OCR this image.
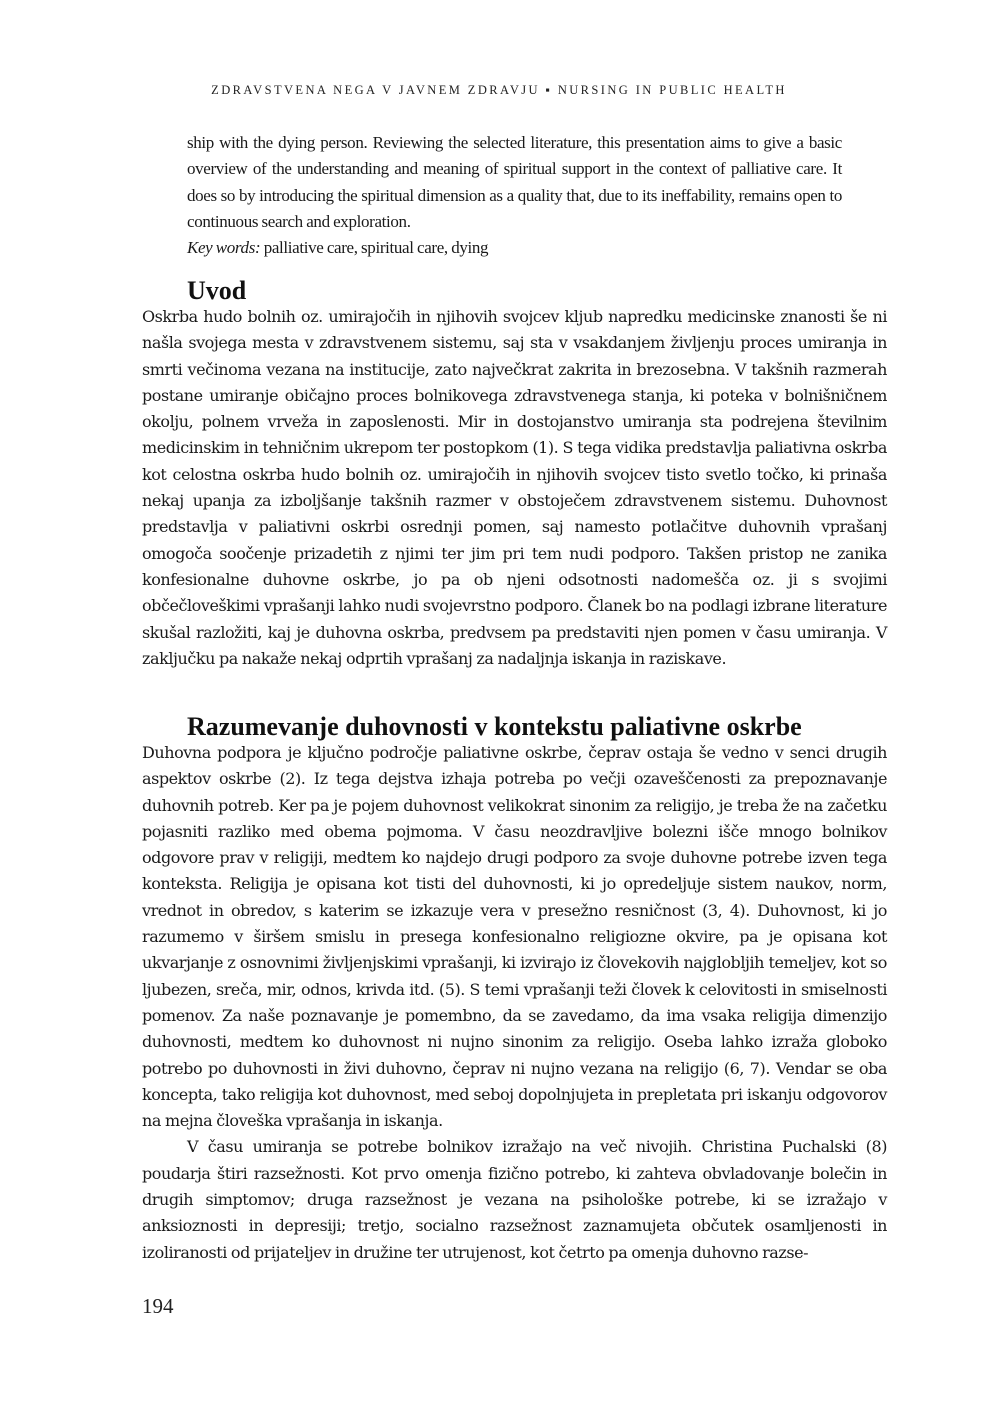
ZDRAVSTVENA NEGA V JAVNEM ZDRAVJU ▪ NURSING IN PUBLIC HEALTH
ship with the dying person. Reviewing the selected literature, this presentation aims to give a basic overview of the understanding and meaning of spiritual support in the context of palliative care. It does so by introducing the spiritual dimension as a quality that, due to its ineffability, remains open to continuous search and exploration.
Key words: palliative care, spiritual care, dying
Uvod

Oskrba hudo bolnih oz. umirajočih in njihovih svojcev kljub napredku medicinske znanosti še ni našla svojega mesta v zdravstvenem sistemu, saj sta v vsakdanjem življenju proces umiranja in smrti večinoma vezana na institucije, zato največkrat zakrita in brezosebna. V takšnih razmerah postane umiranje običajno proces bolnikovega zdravstvenega stanja, ki poteka v bolnišničnem okolju, polnem vrveža in zaposlenosti. Mir in dostojanstvo umiranja sta podrejena številnim medicinskim in tehničnim ukrepom ter postopkom (1). S tega vidika predstavlja paliativna oskrba kot celostna oskrba hudo bolnih oz. umirajočih in njihovih svojcev tisto svetlo točko, ki prinaša nekaj upanja za izboljšanje takšnih razmer v obstoječem zdravstvenem sistemu. Duhovnost predstavlja v paliativni oskrbi osrednji pomen, saj namesto potlačitve duhovnih vprašanj omogoča soočenje prizadetih z njimi ter jim pri tem nudi podporo. Takšen pristop ne zanika konfesionalne duhovne oskrbe, jo pa ob njeni odsotnosti nadomešča oz. ji s svojimi občečloveškimi vprašanji lahko nudi svojevrstno podporo. Članek bo na podlagi izbrane literature skušal razložiti, kaj je duhovna oskrba, predvsem pa predstaviti njen pomen v času umiranja. V zaključku pa nakaže nekaj odprtih vprašanj za nadaljnja iskanja in raziskave.

Razumevanje duhovnosti v kontekstu paliativne oskrbe

Duhovna podpora je ključno področje paliativne oskrbe, čeprav ostaja še vedno v senci drugih aspektov oskrbe (2). Iz tega dejstva izhaja potreba po večji ozaveščenosti za prepoznavanje duhovnih potreb. Ker pa je pojem duhovnost velikokrat sinonim za religijo, je treba že na začetku pojasniti razliko med obema pojmoma. V času neozdravljive bolezni išče mnogo bolnikov odgovore prav v religiji, medtem ko najdejo drugi podporo za svoje duhovne potrebe izven tega konteksta. Religija je opisana kot tisti del duhovnosti, ki jo opredeljuje sistem naukov, norm, vrednot in obredov, s katerim se izkazuje vera v presežno resničnost (3, 4). Duhovnost, ki jo razumemo v širšem smislu in presega konfesionalno religiozne okvire, pa je opisana kot ukvarjanje z osnovnimi življenjskimi vprašanji, ki izvirajo iz človekovih najglobljih temeljev, kot so ljubezen, sreča, mir, odnos, krivda itd. (5). S temi vprašanji teži človek k celovitosti in smiselnosti pomenov. Za naše poznavanje je pomembno, da se zavedamo, da ima vsaka religija dimenzijo duhovnosti, medtem ko duhovnost ni nujno sinonim za religijo. Oseba lahko izraža globoko potrebo po duhovnosti in živi duhovno, čeprav ni nujno vezana na religijo (6, 7). Vendar se oba koncepta, tako religija kot duhovnost, med seboj dopolnjujeta in prepletata pri iskanju odgovorov na mejna človeška vprašanja in iskanja.

V času umiranja se potrebe bolnikov izražajo na več nivojih. Christina Puchalski (8) poudarja štiri razsežnosti. Kot prvo omenja fizično potrebo, ki zahteva obvladovanje bolečin in drugih simptomov; druga razsežnost je vezana na psihološke potrebe, ki se izražajo v anksioznosti in depresiji; tretjo, socialno razsežnost zaznamujeta občutek osamljenosti in izoliranosti od prijateljev in družine ter utrujenost, kot četrto pa omenja duhovno razse-

194
